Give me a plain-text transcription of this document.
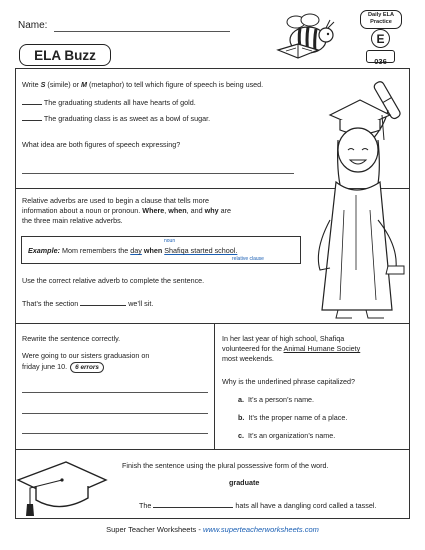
Name:
ELA Buzz
Daily ELA
Practice
E
036
Write S (simile) or M (metaphor) to tell which figure of speech is being used.
The graduating students all have hearts of gold.
The graduating class is as sweet as a bowl of sugar.
What idea are both figures of speech expressing?
Relative adverbs are used to begin a clause that tells more
information about a noun or pronoun. Where, when, and why are
the three main relative adverbs.
Example: Mom remembers the day when Shafiqa started school.
noun
relative clause
Use the correct relative adverb to complete the sentence.
That’s the section	we’ll sit.
Rewrite the sentence correctly.
Were going to our sisters graduasion on
friday june 10. 6 errors
In her last year of high school, Shafiqa
volunteered for the Animal Humane Society
most weekends.
Why is the underlined phrase capitalized?
a. It’s a person’s name.
b. It’s the proper name of a place.
c. It’s an organization’s name.
Finish the sentence using the plural possessive form of the word.
graduate
The	hats all have a dangling cord called a tassel.
Super Teacher Worksheets - www.superteacherworksheets.com
